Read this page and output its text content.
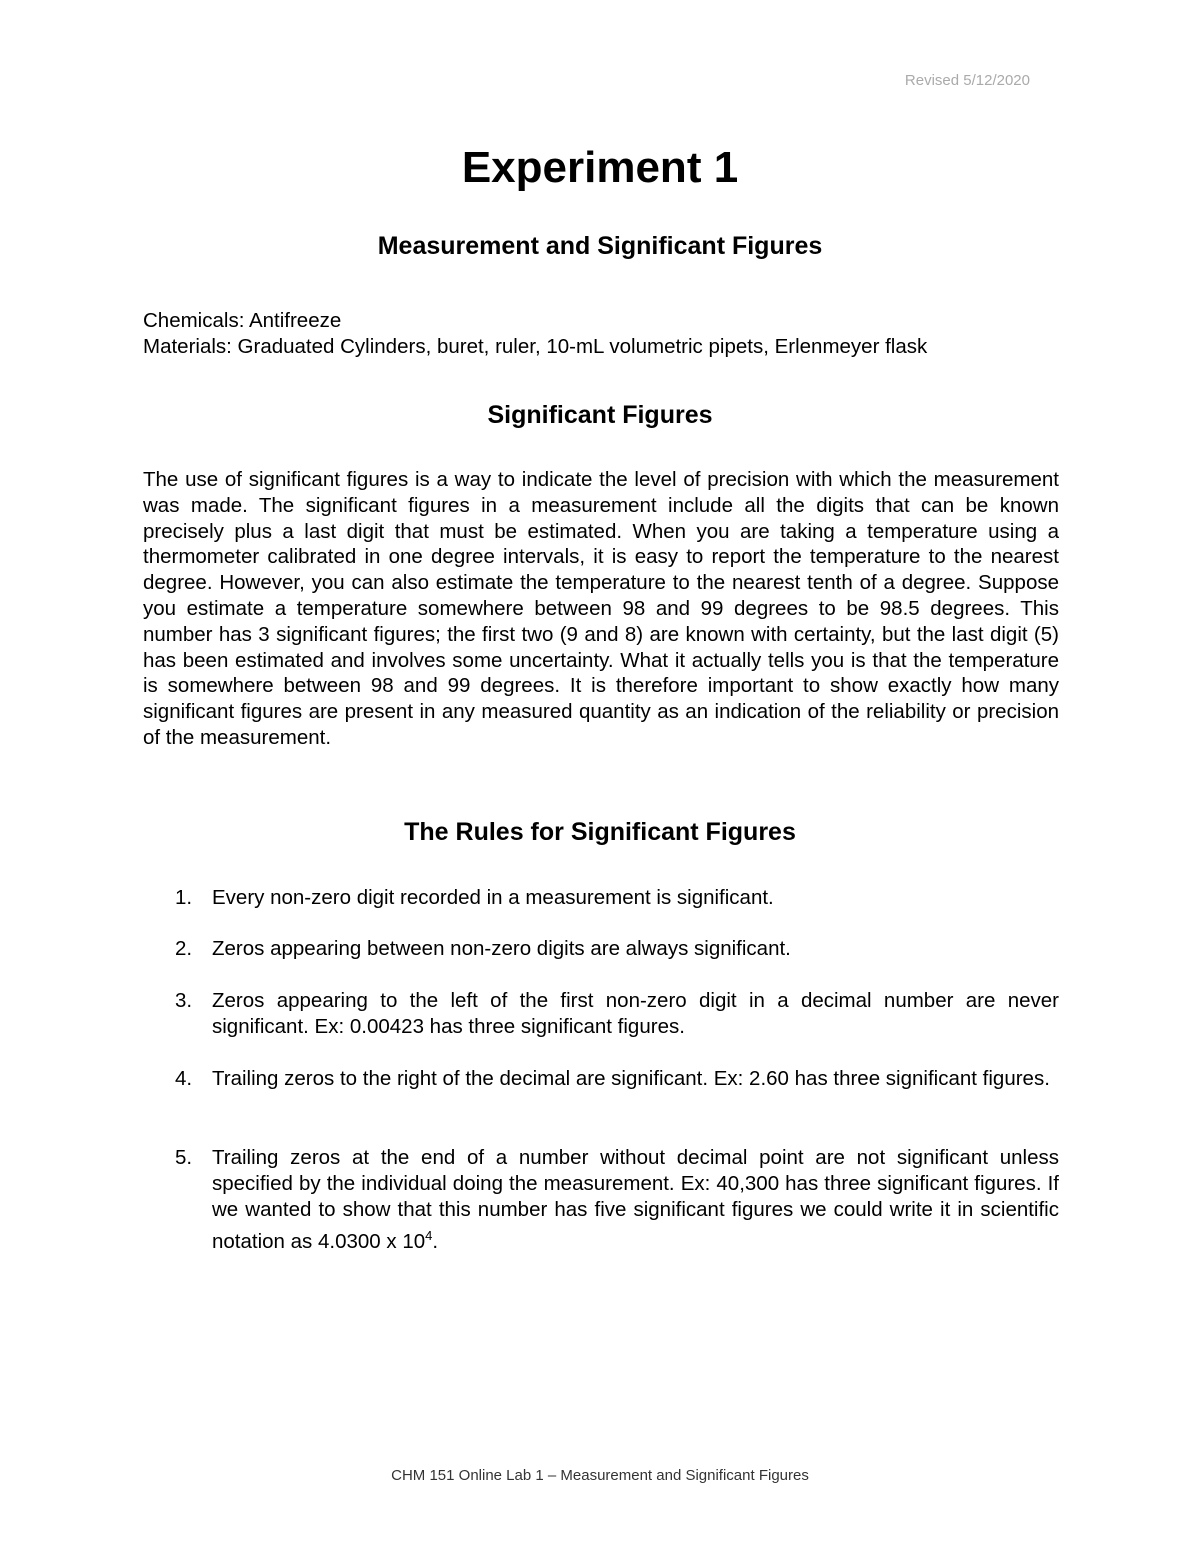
Revised 5/12/2020
Experiment 1
Measurement and Significant Figures
Chemicals: Antifreeze
Materials: Graduated Cylinders, buret, ruler, 10-mL volumetric pipets, Erlenmeyer flask
Significant Figures

The use of significant figures is a way to indicate the level of precision with which the measurement was made. The significant figures in a measurement include all the digits that can be known precisely plus a last digit that must be estimated. When you are taking a temperature using a thermometer calibrated in one degree intervals, it is easy to report the temperature to the nearest degree. However, you can also estimate the temperature to the nearest tenth of a degree. Suppose you estimate a temperature somewhere between 98 and 99 degrees to be 98.5 degrees. This number has 3 significant figures; the first two (9 and 8) are known with certainty, but the last digit (5) has been estimated and involves some uncertainty. What it actually tells you is that the temperature is somewhere between 98 and 99 degrees. It is therefore important to show exactly how many significant figures are present in any measured quantity as an indication of the reliability or precision of the measurement.

The Rules for Significant Figures
1. Every non-zero digit recorded in a measurement is significant.
2. Zeros appearing between non-zero digits are always significant.
3. Zeros appearing to the left of the first non-zero digit in a decimal number are never significant. Ex: 0.00423 has three significant figures.
4. Trailing zeros to the right of the decimal are significant. Ex: 2.60 has three significant figures.
5. Trailing zeros at the end of a number without decimal point are not significant unless specified by the individual doing the measurement. Ex: 40,300 has three significant figures. If we wanted to show that this number has five significant figures we could write it in scientific notation as 4.0300 x $10^4$.
CHM 151 Online Lab 1 – Measurement and Significant Figures
